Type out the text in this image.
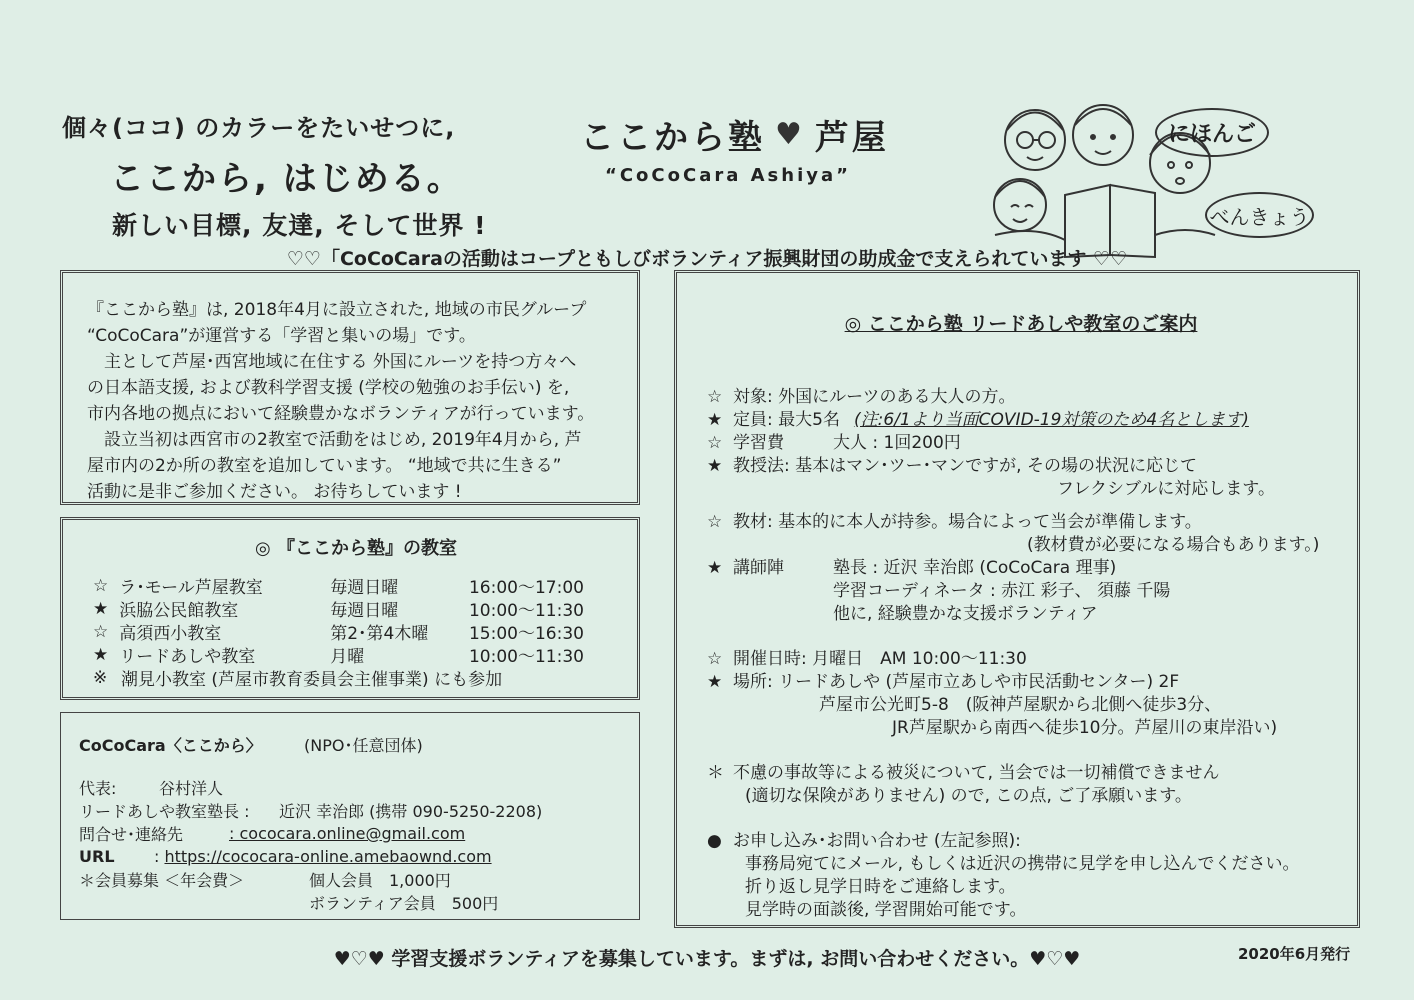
個々(ココ) のカラーをたいせつに,
ここから, はじめる。
新しい目標, 友達, そして世界 !
ここから塾 ♥ 芦屋
“CoCoCara Ashiya”
にほんご
べんきょう
♡♡「CoCoCaraの活動はコープともしびボランティア振興財団の助成金で支えられています ♡♡

『ここから塾』は, 2018年4月に設立された, 地域の市民グループ

“CoCoCara”が運営する「学習と集いの場」です。

　主として芦屋･西宮地域に在住する 外国にルーツを持つ方々へ

の日本語支援, および教科学習支援 (学校の勉強のお手伝い) を,

市内各地の拠点において経験豊かなボランティアが行っています。

　設立当初は西宮市の2教室で活動をはじめ, 2019年4月から, 芦

屋市内の2か所の教室を追加しています。 “地域で共に生きる”

活動に是非ご参加ください。 お待ちしています !

◎ 『ここから塾』の教室
☆ ラ･モール芦屋教室	毎週日曜	16:00～17:00
★ 浜脇公民館教室	毎週日曜	10:00～11:30
☆ 高須西小教室	第2･第4木曜	15:00～16:30
★ リードあしや教室	月曜	10:00～11:30
※ 潮見小教室 (芦屋市教育委員会主催事業) にも参加
CoCoCara〈ここから〉	(NPO･任意団体)
代表:	谷村洋人
リードあしや教室塾長 :	近沢 幸治郎 (携帯 090-5250-2208)
問合せ･連絡先	: cococara.online@gmail.com
URL	: https://cococara-online.amebaownd.com
＊会員募集 ＜年会費＞	個人会員　1,000円
ボランティア会員　500円
◎ ここから塾 リードあしや教室のご案内
☆ 対象 : 外国にルーツのある大人の方。
★ 定員 : 最大5名 (注:6/1より当面COVID-19対策のため4名とします)
☆ 学習費	大人 : 1回200円
★ 教授法 : 基本はマン･ツー･マンですが, その場の状況に応じて
フレクシブルに対応します。
☆ 教材 : 基本的に本人が持参。場合によって当会が準備します。
(教材費が必要になる場合もあります。)
★ 講師陣	塾長 : 近沢 幸治郎 (CoCoCara 理事)
学習コーディネータ : 赤江 彩子、 須藤 千陽
他に, 経験豊かな支援ボランティア
☆ 開催日時 : 月曜日　AM 10:00～11:30
★ 場所 : リードあしや (芦屋市立あしや市民活動センター) 2F
芦屋市公光町5-8　(阪神芦屋駅から北側へ徒歩3分、
JR芦屋駅から南西へ徒歩10分。芦屋川の東岸沿い)
＊ 不慮の事故等による被災について, 当会では一切補償できません
(適切な保険がありません) ので, この点, ご了承願います。
● お申し込み･お問い合わせ (左記参照):
事務局宛てにメール, もしくは近沢の携帯に見学を申し込んでください。
折り返し見学日時をご連絡します。
見学時の面談後, 学習開始可能です。
♥♡♥ 学習支援ボランティアを募集しています。まずは, お問い合わせください。♥♡♥	2020年6月発行
